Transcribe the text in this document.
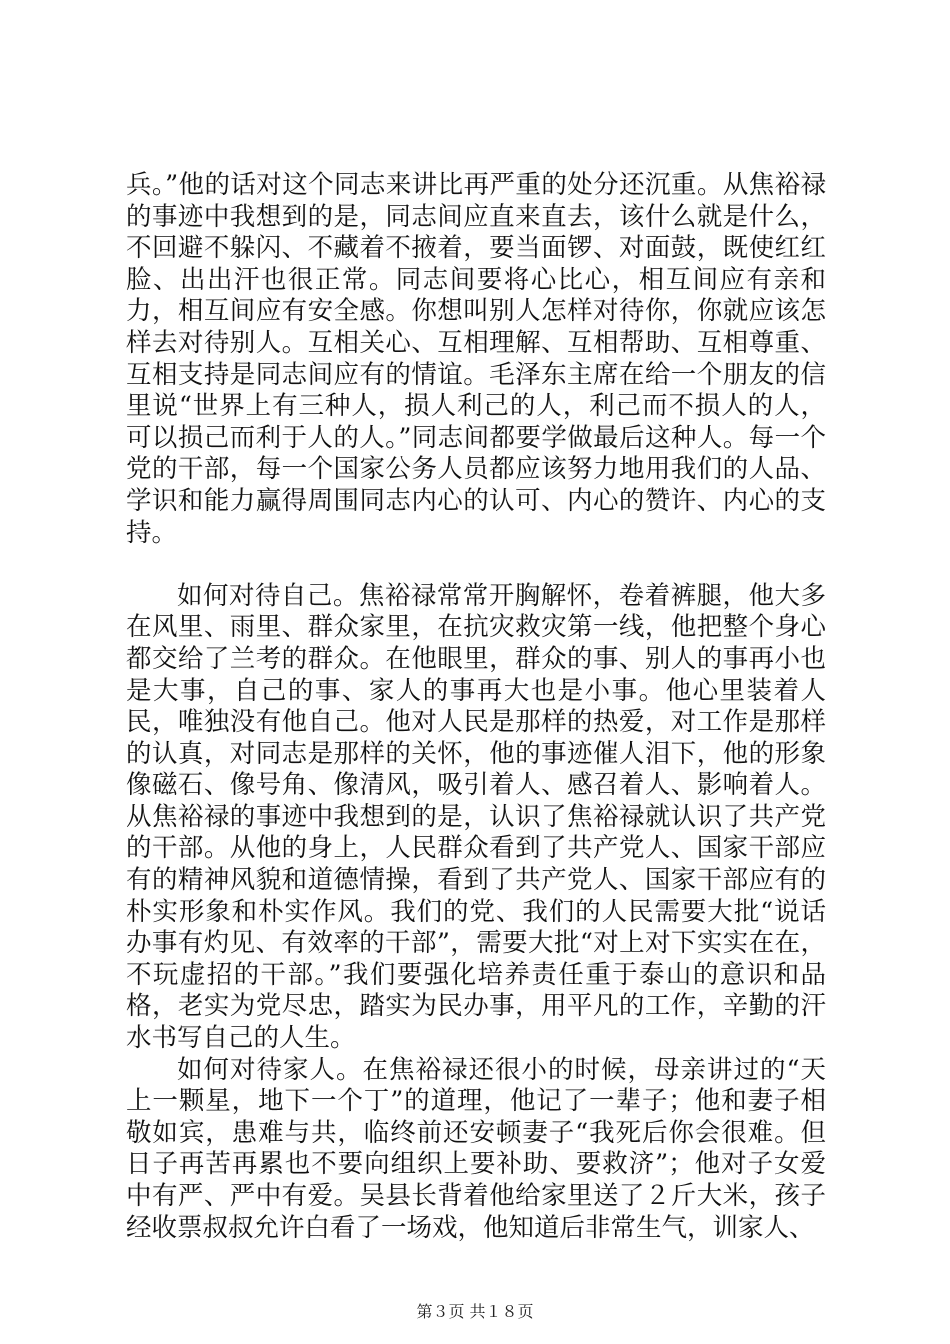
兵。”他的话对这个同志来讲比再严重的处分还沉重。从焦裕禄的事迹中我想到的是，同志间应直来直去，该什么就是什么，不回避不躲闪、不藏着不掖着，要当面锣、对面鼓，既使红红脸、出出汗也很正常。同志间要将心比心，相互间应有亲和力，相互间应有安全感。你想叫别人怎样对待你，你就应该怎样去对待别人。互相关心、互相理解、互相帮助、互相尊重、互相支持是同志间应有的情谊。毛泽东主席在给一个朋友的信里说“世界上有三种人，损人利己的人，利己而不损人的人，可以损己而利于人的人。”同志间都要学做最后这种人。每一个党的干部，每一个国家公务人员都应该努力地用我们的人品、学识和能力赢得周围同志内心的认可、内心的赞许、内心的支持。

如何对待自己。焦裕禄常常开胸解怀，卷着裤腿，他大多在风里、雨里、群众家里，在抗灾救灾第一线，他把整个身心都交给了兰考的群众。在他眼里，群众的事、别人的事再小也是大事，自己的事、家人的事再大也是小事。他心里装着人民，唯独没有他自己。他对人民是那样的热爱，对工作是那样的认真，对同志是那样的关怀，他的事迹催人泪下，他的形象像磁石、像号角、像清风，吸引着人、感召着人、影响着人。从焦裕禄的事迹中我想到的是，认识了焦裕禄就认识了共产党的干部。从他的身上，人民群众看到了共产党人、国家干部应有的精神风貌和道德情操，看到了共产党人、国家干部应有的朴实形象和朴实作风。我们的党、我们的人民需要大批“说话办事有灼见、有效率的干部”，需要大批“对上对下实实在在，不玩虚招的干部。”我们要强化培养责任重于泰山的意识和品格，老实为党尽忠，踏实为民办事，用平凡的工作，辛勤的汗水书写自己的人生。

如何对待家人。在焦裕禄还很小的时候，母亲讲过的“天上一颗星，地下一个丁”的道理，他记了一辈子；他和妻子相敬如宾，患难与共，临终前还安顿妻子“我死后你会很难。但日子再苦再累也不要向组织上要补助、要救济”；他对子女爱中有严、严中有爱。吴县长背着他给家里送了２斤大米，孩子经收票叔叔允许白看了一场戏，他知道后非常生气，训家人、

第３页 共１８页
